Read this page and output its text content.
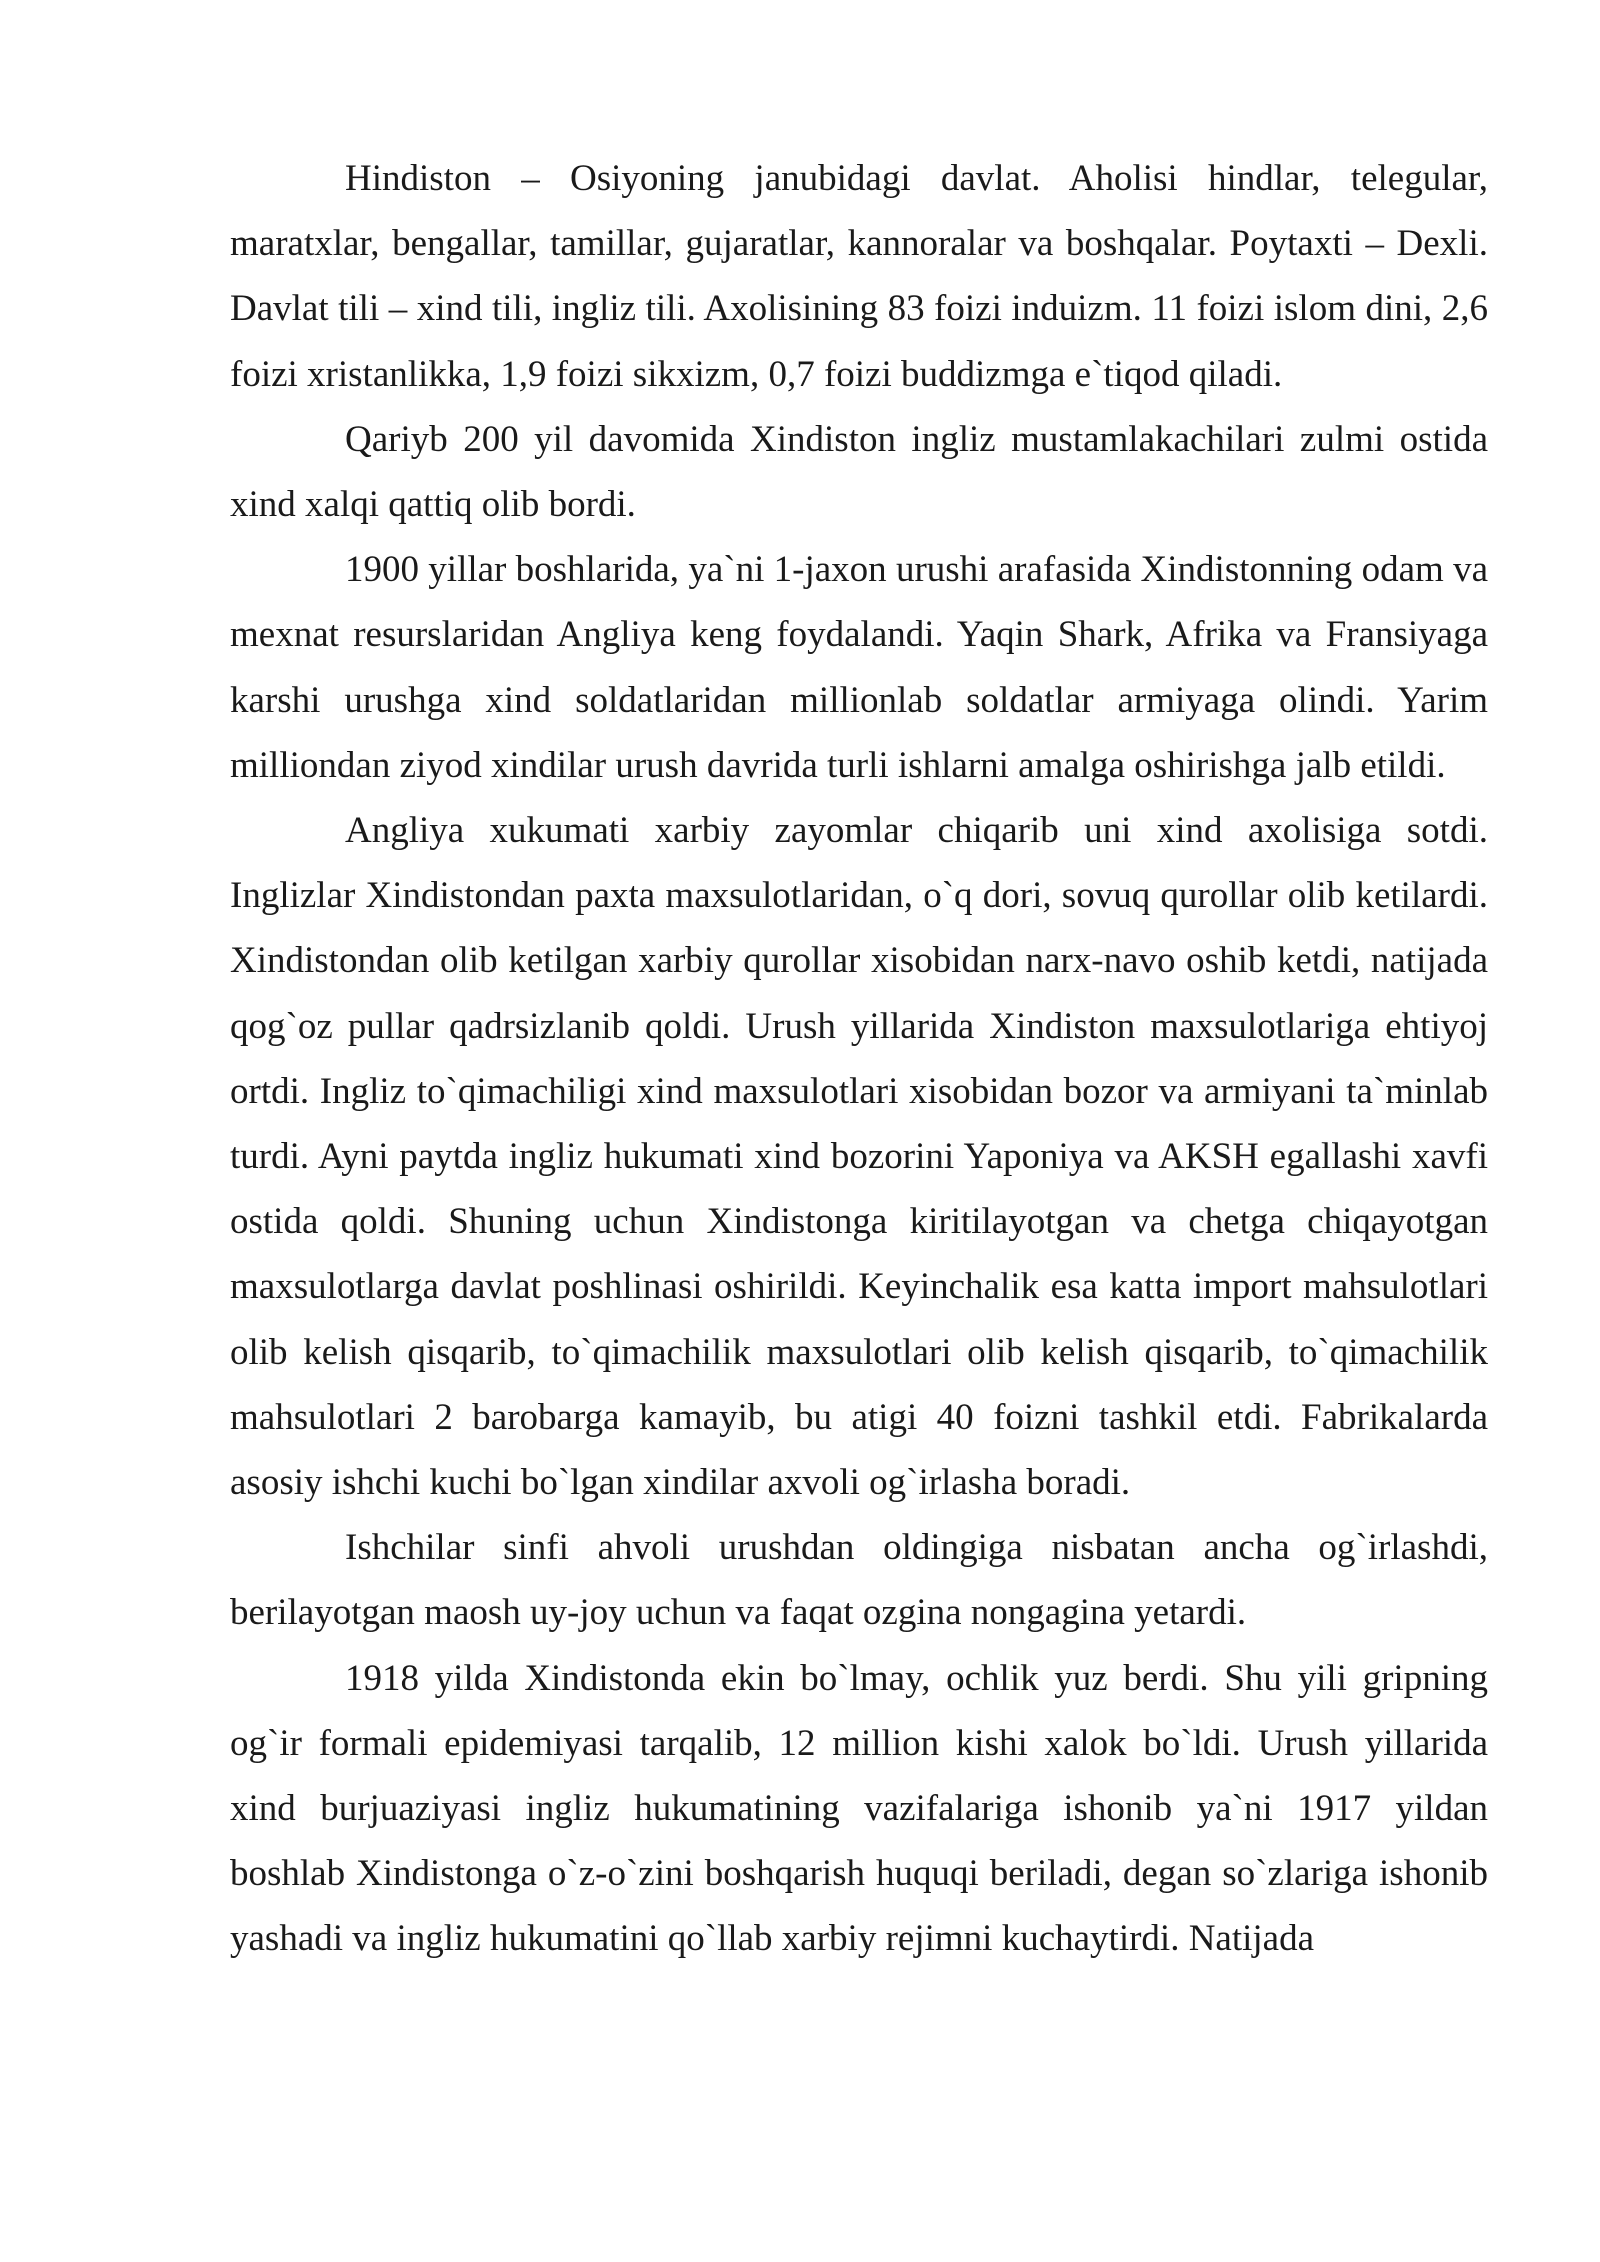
Hindiston – Osiyoning janubidagi davlat. Aholisi hindlar, telegular, maratxlar, bengallar, tamillar, gujaratlar, kannoralar va boshqalar. Poytaxti – Dexli. Davlat tili – xind tili, ingliz tili. Axolisining 83 foizi induizm. 11 foizi islom dini, 2,6 foizi xristanlikka, 1,9 foizi sikxizm, 0,7 foizi buddizmga e`tiqod qiladi.

Qariyb 200 yil davomida Xindiston ingliz mustamlakachilari zulmi ostida xind xalqi qattiq olib bordi.

1900 yillar boshlarida, ya`ni 1-jaxon urushi arafasida Xindistonning odam va mexnat resurslaridan Angliya keng foydalandi. Yaqin Shark, Afrika va Fransiyaga karshi urushga xind soldatlaridan millionlab soldatlar armiyaga olindi. Yarim milliondan ziyod xindilar urush davrida turli ishlarni amalga oshirishga jalb etildi.

Angliya xukumati xarbiy zayomlar chiqarib uni xind axolisiga sotdi. Inglizlar Xindistondan paxta maxsulotlaridan, o`q dori, sovuq qurollar olib ketilardi. Xindistondan olib ketilgan xarbiy qurollar xisobidan narx-navo oshib ketdi, natijada qog`oz pullar qadrsizlanib qoldi. Urush yillarida Xindiston maxsulotlariga ehtiyoj ortdi. Ingliz to`qimachiligi xind maxsulotlari xisobidan bozor va armiyani ta`minlab turdi. Ayni paytda ingliz hukumati xind bozorini Yaponiya va AKSH egallashi xavfi ostida qoldi. Shuning uchun Xindistonga kiritilayotgan va chetga chiqayotgan maxsulotlarga davlat poshlinasi oshirildi. Keyinchalik esa katta import mahsulotlari olib kelish qisqarib, to`qimachilik maxsulotlari olib kelish qisqarib, to`qimachilik mahsulotlari 2 barobarga kamayib, bu atigi 40 foizni tashkil etdi. Fabrikalarda asosiy ishchi kuchi bo`lgan xindilar axvoli og`irlasha boradi.

Ishchilar sinfi ahvoli urushdan oldingiga nisbatan ancha og`irlashdi, berilayotgan maosh uy-joy uchun va faqat ozgina nongagina yetardi.

1918 yilda Xindistonda ekin bo`lmay, ochlik yuz berdi. Shu yili gripning og`ir formali epidemiyasi tarqalib, 12 million kishi xalok bo`ldi. Urush yillarida xind burjuaziyasi ingliz hukumatining vazifalariga ishonib ya`ni 1917 yildan boshlab Xindistonga o`z-o`zini boshqarish huquqi beriladi, degan so`zlariga ishonib yashadi va ingliz hukumatini qo`llab xarbiy rejimni kuchaytirdi. Natijada
